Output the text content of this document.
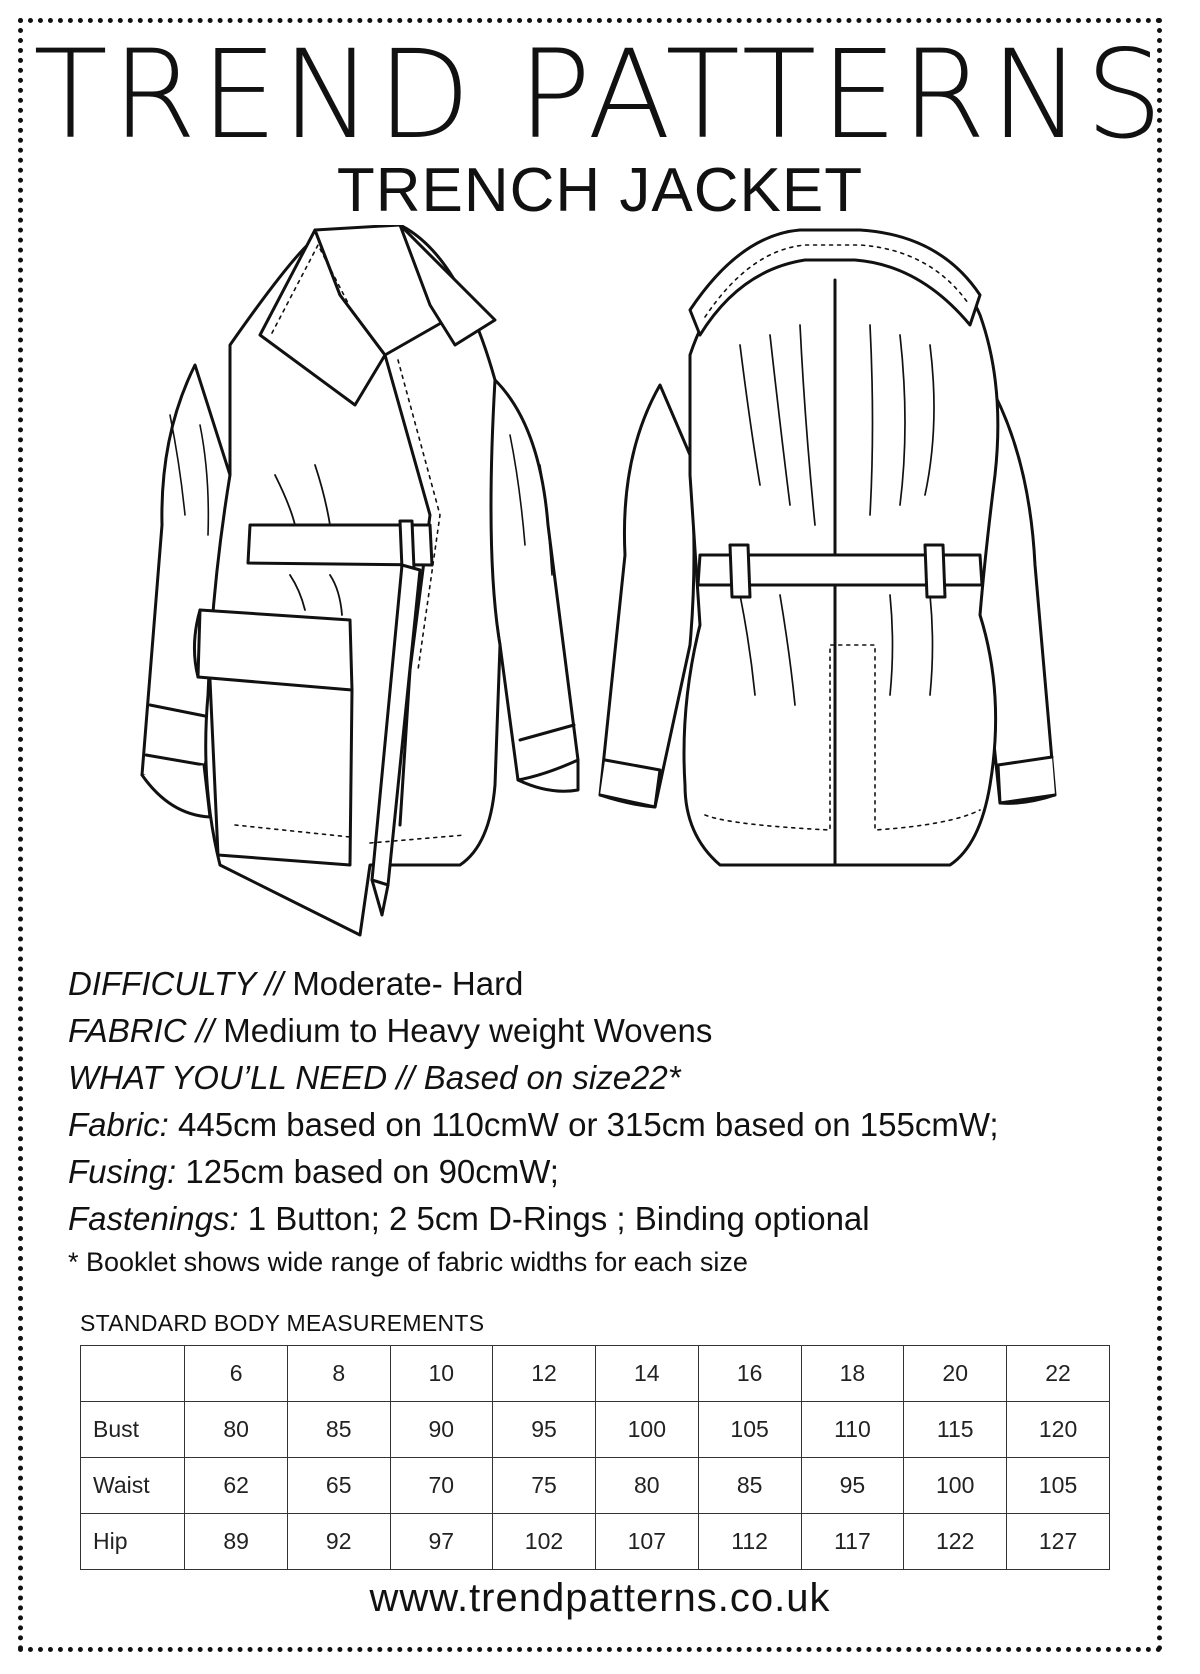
TREND PATTERNS
TRENCH JACKET
DIFFICULTY // Moderate- Hard
FABRIC // Medium to Heavy weight Wovens
WHAT YOU’LL NEED // Based on size22*
Fabric: 445cm based on 110cmW or 315cm based on 155cmW;
Fusing: 125cm based on 90cmW;
Fastenings: 1 Button; 2 5cm D-Rings ; Binding optional
* Booklet shows wide range of fabric widths for each size
STANDARD BODY MEASUREMENTS
	6	8	10	12	14	16	18	20	22
Bust	80	85	90	95	100	105	110	115	120
Waist	62	65	70	75	80	85	95	100	105
Hip	89	92	97	102	107	112	117	122	127
www.trendpatterns.co.uk
